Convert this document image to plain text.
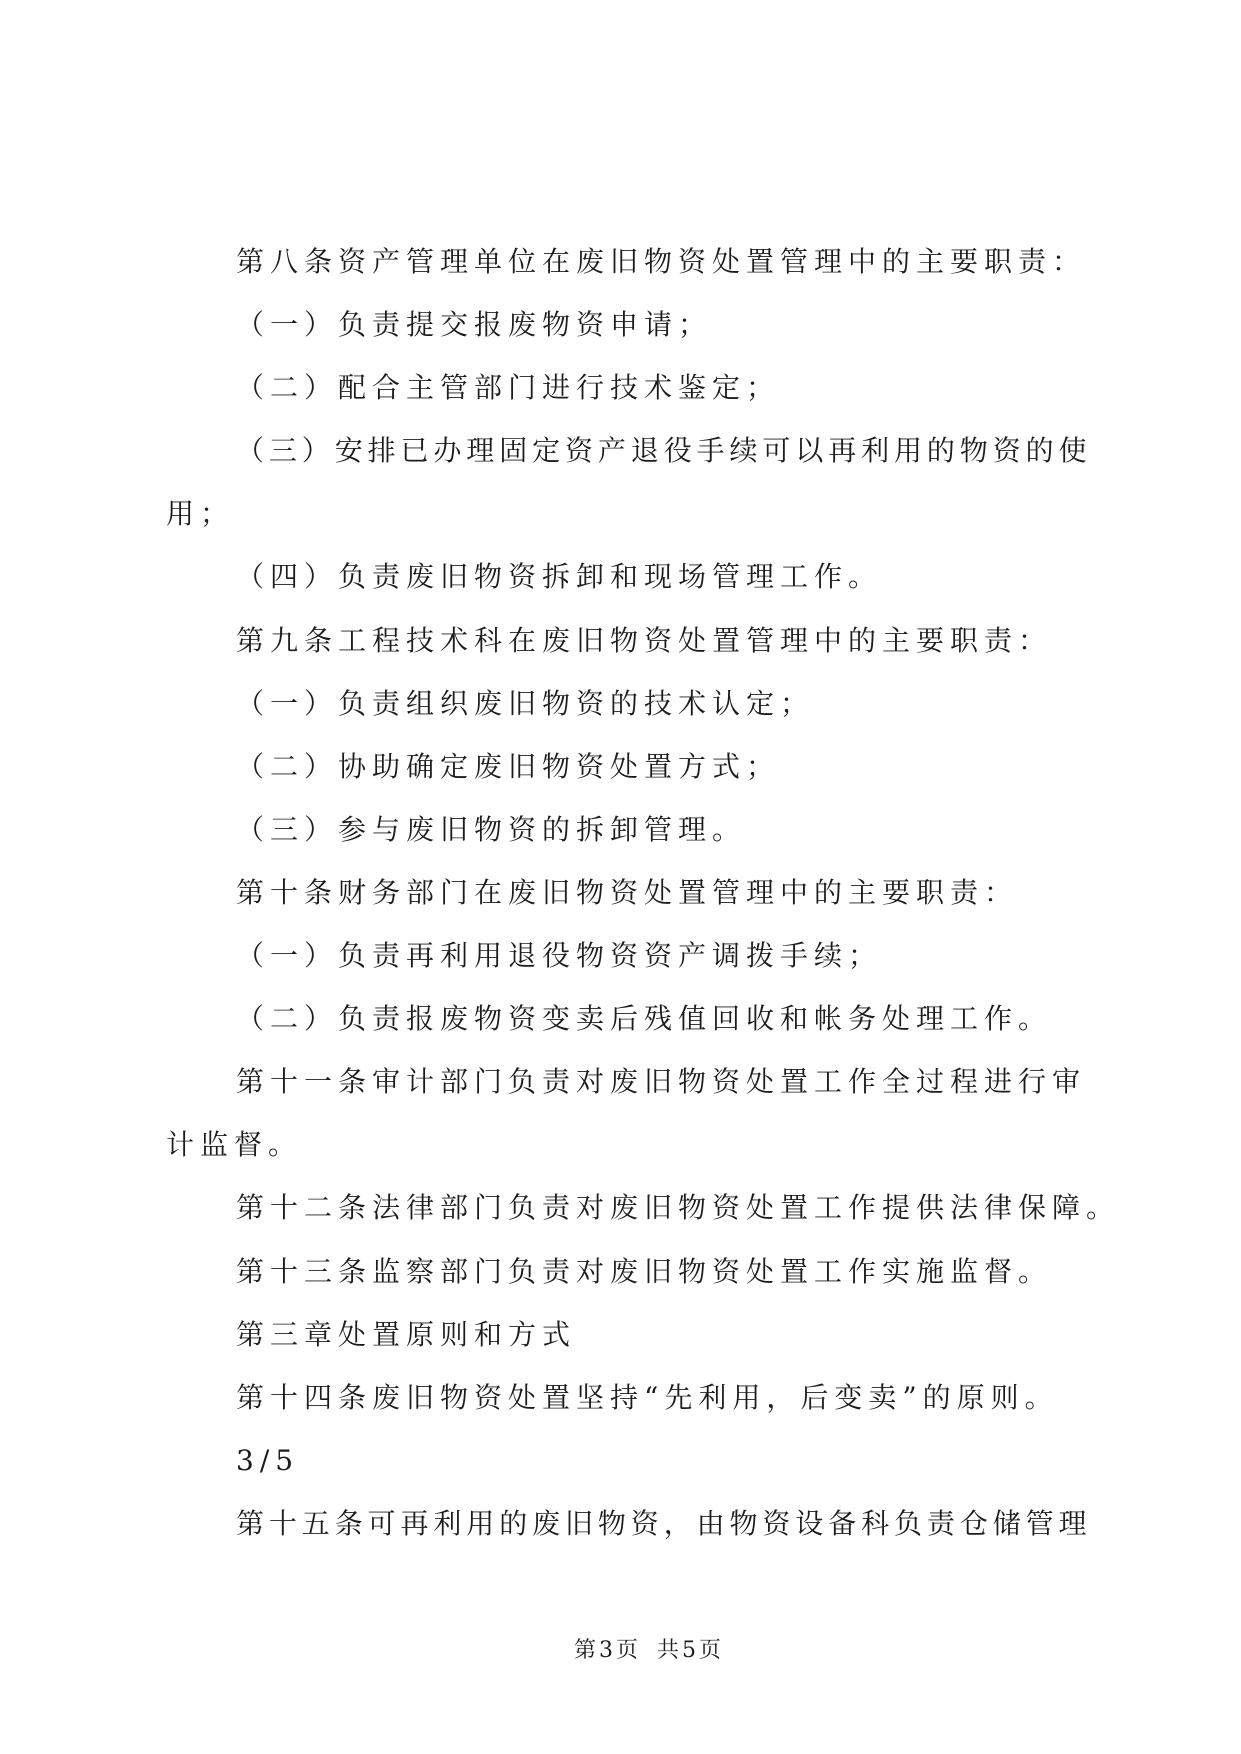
第八条资产管理单位在废旧物资处置管理中的主要职责：
（一）负责提交报废物资申请；
（二）配合主管部门进行技术鉴定；
（三）安排已办理固定资产退役手续可以再利用的物资的使
用；
（四）负责废旧物资拆卸和现场管理工作。
第九条工程技术科在废旧物资处置管理中的主要职责：
（一）负责组织废旧物资的技术认定；
（二）协助确定废旧物资处置方式；
（三）参与废旧物资的拆卸管理。
第十条财务部门在废旧物资处置管理中的主要职责：
（一）负责再利用退役物资资产调拨手续；
（二）负责报废物资变卖后残值回收和帐务处理工作。
第十一条审计部门负责对废旧物资处置工作全过程进行审
计监督。
第十二条法律部门负责对废旧物资处置工作提供法律保障。
第十三条监察部门负责对废旧物资处置工作实施监督。
第三章处置原则和方式
第十四条废旧物资处置坚持“先利用，后变卖”的原则。
3/5
第十五条可再利用的废旧物资，由物资设备科负责仓储管理
第3页 共5页
